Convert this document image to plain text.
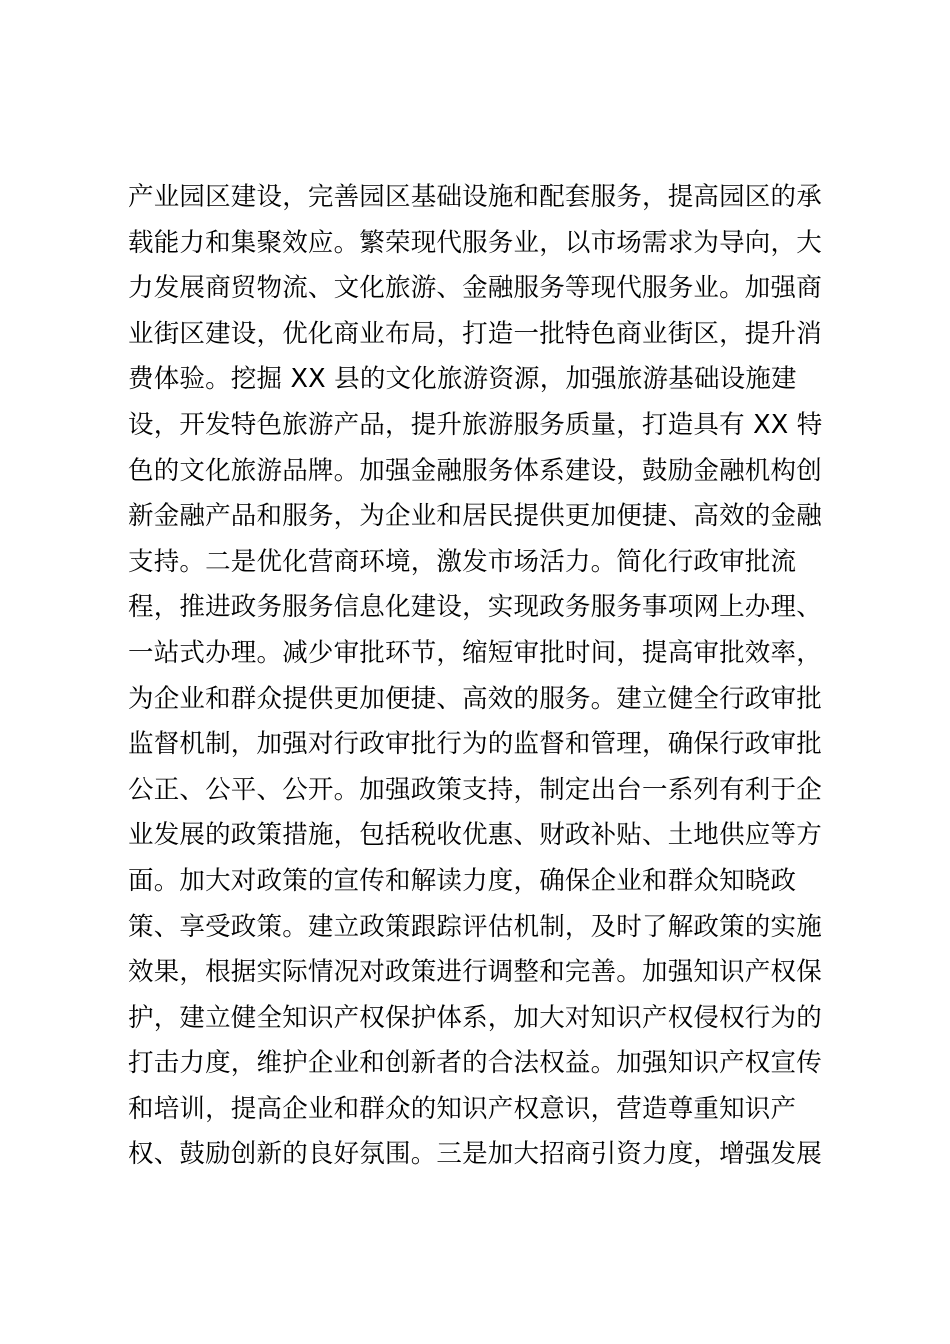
产业园区建设，完善园区基础设施和配套服务，提高园区的承
载能力和集聚效应。繁荣现代服务业，以市场需求为导向，大
力发展商贸物流、文化旅游、金融服务等现代服务业。加强商
业街区建设，优化商业布局，打造一批特色商业街区，提升消
费体验。挖掘 XX 县的文化旅游资源，加强旅游基础设施建
设，开发特色旅游产品，提升旅游服务质量，打造具有 XX 特
色的文化旅游品牌。加强金融服务体系建设，鼓励金融机构创
新金融产品和服务，为企业和居民提供更加便捷、高效的金融
支持。二是优化营商环境，激发市场活力。简化行政审批流
程，推进政务服务信息化建设，实现政务服务事项网上办理、
一站式办理。减少审批环节，缩短审批时间，提高审批效率，
为企业和群众提供更加便捷、高效的服务。建立健全行政审批
监督机制，加强对行政审批行为的监督和管理，确保行政审批
公正、公平、公开。加强政策支持，制定出台一系列有利于企
业发展的政策措施，包括税收优惠、财政补贴、土地供应等方
面。加大对政策的宣传和解读力度，确保企业和群众知晓政
策、享受政策。建立政策跟踪评估机制，及时了解政策的实施
效果，根据实际情况对政策进行调整和完善。加强知识产权保
护，建立健全知识产权保护体系，加大对知识产权侵权行为的
打击力度，维护企业和创新者的合法权益。加强知识产权宣传
和培训，提高企业和群众的知识产权意识，营造尊重知识产
权、鼓励创新的良好氛围。三是加大招商引资力度，增强发展
